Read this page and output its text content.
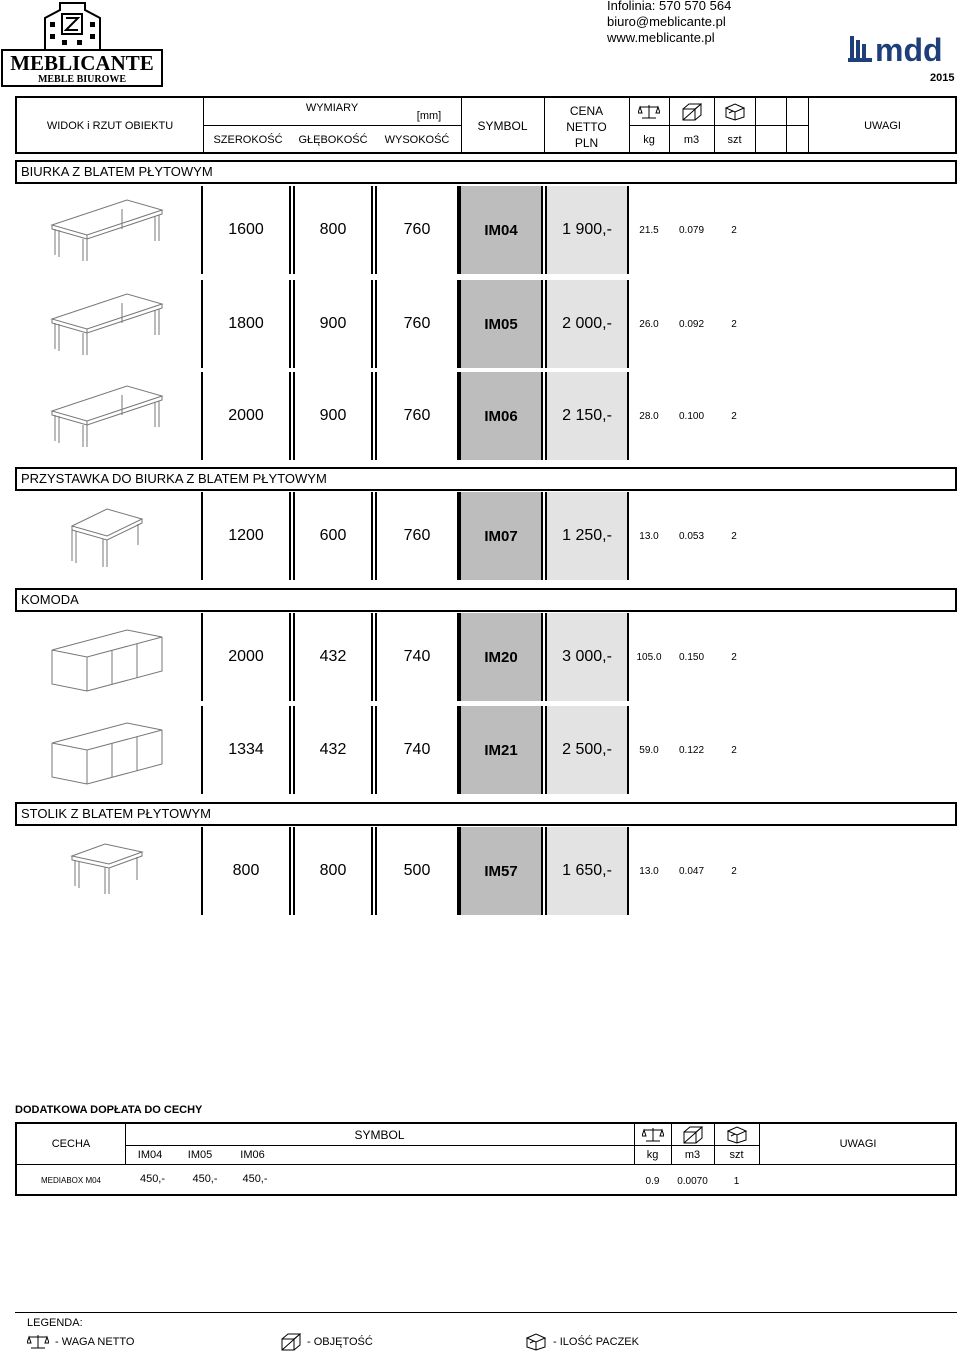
MEBLICANTE
MEBLE BIUROWE
Infolinia: 570 570 564
biuro@meblicante.pl
www.meblicante.pl	mdd
2015
WIDOK i RZUT OBIEKTU
WYMIARY
[mm]
SZEROKOŚĆ	GŁĘBOKOŚĆ	WYSOKOŚĆ
SYMBOL
CENA
NETTO
PLN	kg	m3	szt
UWAGI
BIURKA Z BLATEM PŁYTOWYM
PRZYSTAWKA DO BIURKA Z BLATEM PŁYTOWYM
KOMODA
STOLIK Z BLATEM PŁYTOWYM
1600	800	760	IM04	1 900,-	21.5	0.079	2
1800	900	760	IM05	2 000,-	26.0	0.092	2
2000	900	760	IM06	2 150,-	28.0	0.100	2
1200	600	760	IM07	1 250,-	13.0	0.053	2
2000	432	740	IM20	3 000,-	105.0	0.150	2
1334	432	740	IM21	2 500,-	59.0	0.122	2
800	800	500	IM57	1 650,-	13.0	0.047	2
DODATKOWA DOPŁATA DO CECHY
CECHA
SYMBOL
IM04	IM05	IM06	kg	m3	szt
UWAGI
MEDIABOX M04	450,-	450,-	450,-	0.9	0.0070	1
LEGENDA:
- WAGA NETTO	- OBJĘTOŚĆ	- ILOŚĆ PACZEK
